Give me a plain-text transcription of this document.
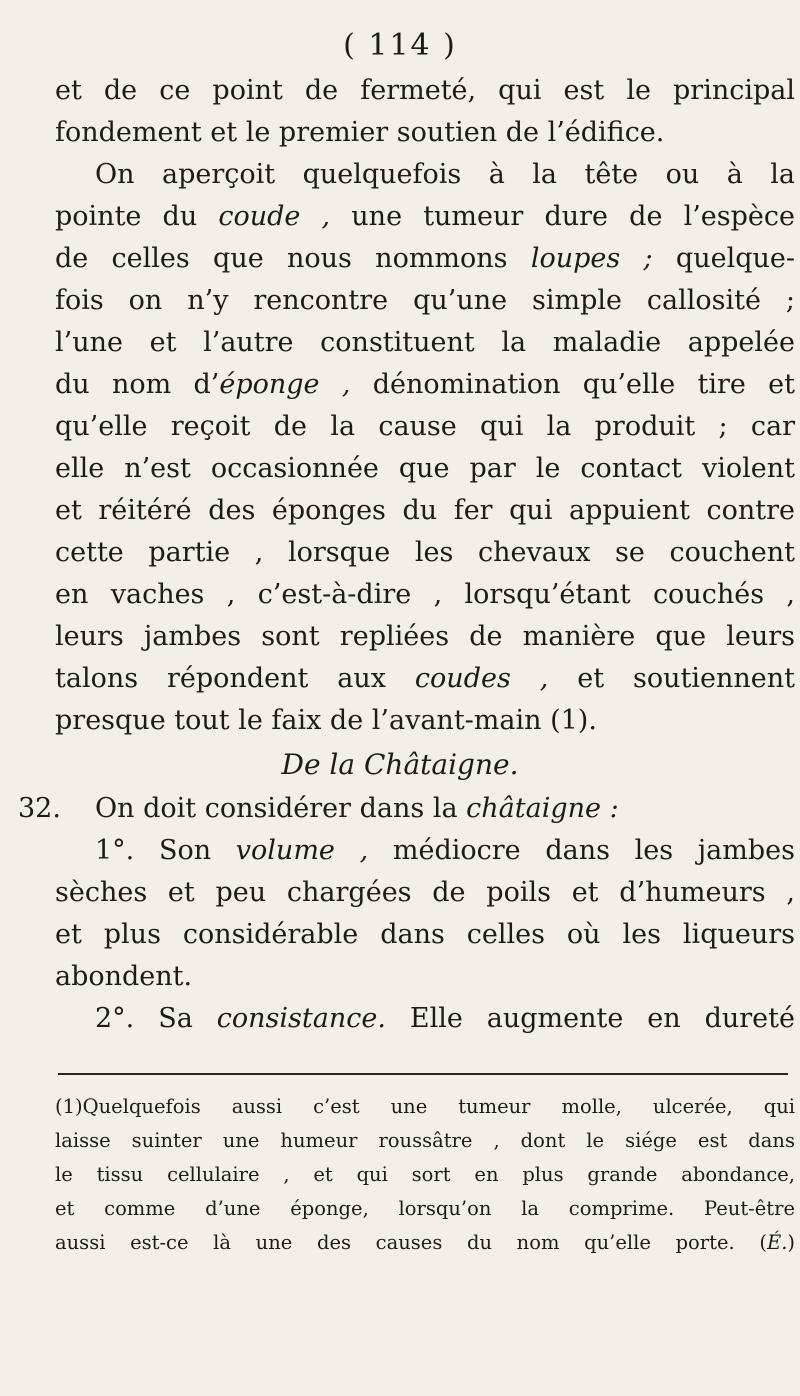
( 114 )
et de ce point de fermeté, qui est le principal
fondement et le premier soutien de l’édifice.
On aperçoit quelquefois à la tête ou à la
pointe du coude , une tumeur dure de l’espèce
de celles que nous nommons loupes ; quelque-
fois on n’y rencontre qu’une simple callosité ;
l’une et l’autre constituent la maladie appelée
du nom d’éponge , dénomination qu’elle tire et
qu’elle reçoit de la cause qui la produit ; car
elle n’est occasionnée que par le contact violent
et réitéré des éponges du fer qui appuient contre
cette partie , lorsque les chevaux se couchent
en vaches , c’est-à-dire , lorsqu’étant couchés ,
leurs jambes sont repliées de manière que leurs
talons répondent aux coudes , et soutiennent
presque tout le faix de l’avant-main (1).
De la Châtaigne.
32. On doit considérer dans la châtaigne :
1°. Son volume , médiocre dans les jambes
sèches et peu chargées de poils et d’humeurs ,
et plus considérable dans celles où les liqueurs
abondent.
2°. Sa consistance. Elle augmente en dureté
(1)Quelquefois aussi c’est une tumeur molle, ulcerée, qui
laisse suinter une humeur roussâtre , dont le siége est dans
le tissu cellulaire , et qui sort en plus grande abondance,
et comme d’une éponge, lorsqu’on la comprime. Peut-être
aussi est-ce là une des causes du nom qu’elle porte. (É.)
